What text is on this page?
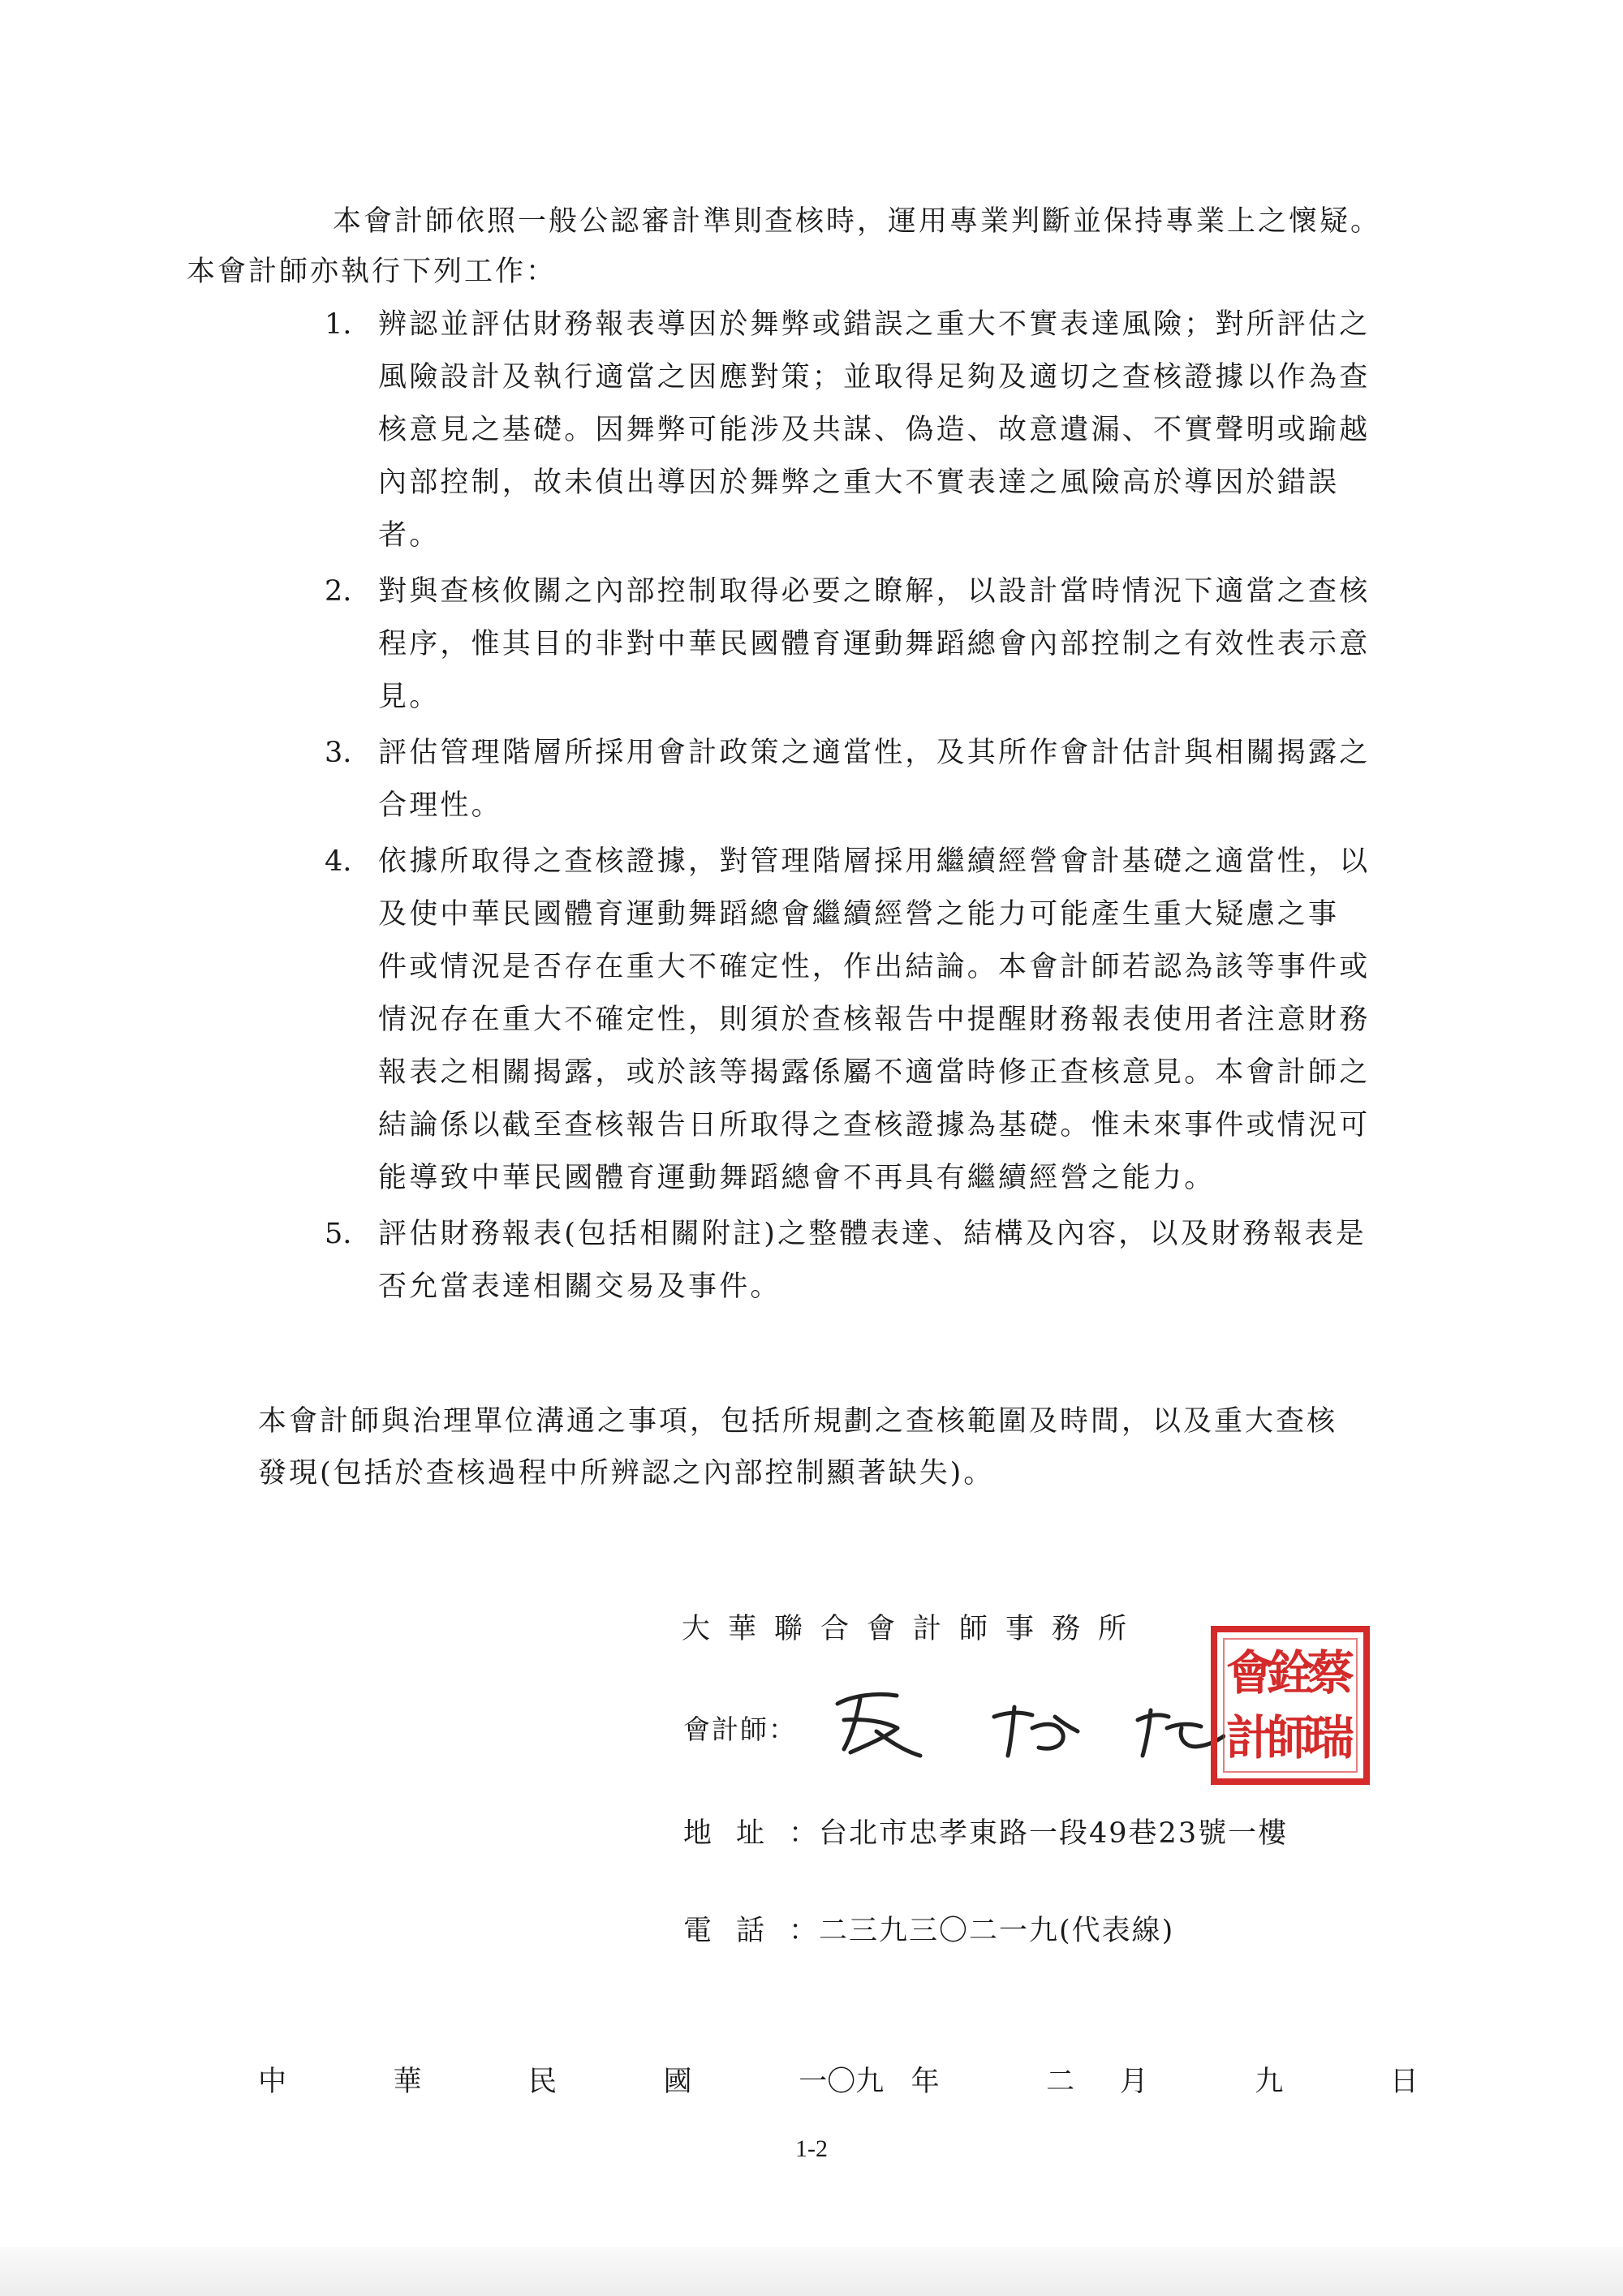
本會計師依照一般公認審計準則查核時，運用專業判斷並保持專業上之懷疑。
本會計師亦執行下列工作：
1. 辨認並評估財務報表導因於舞弊或錯誤之重大不實表達風險；對所評估之
風險設計及執行適當之因應對策；並取得足夠及適切之查核證據以作為查
核意見之基礎。因舞弊可能涉及共謀、偽造、故意遺漏、不實聲明或踰越
內部控制，故未偵出導因於舞弊之重大不實表達之風險高於導因於錯誤
者。
2. 對與查核攸關之內部控制取得必要之瞭解，以設計當時情況下適當之查核
程序，惟其目的非對中華民國體育運動舞蹈總會內部控制之有效性表示意
見。
3. 評估管理階層所採用會計政策之適當性，及其所作會計估計與相關揭露之
合理性。
4. 依據所取得之查核證據，對管理階層採用繼續經營會計基礎之適當性，以
及使中華民國體育運動舞蹈總會繼續經營之能力可能產生重大疑慮之事
件或情況是否存在重大不確定性，作出結論。本會計師若認為該等事件或
情況存在重大不確定性，則須於查核報告中提醒財務報表使用者注意財務
報表之相關揭露，或於該等揭露係屬不適當時修正查核意見。本會計師之
結論係以截至查核報告日所取得之查核證據為基礎。惟未來事件或情況可
能導致中華民國體育運動舞蹈總會不再具有繼續經營之能力。
5. 評估財務報表(包括相關附註)之整體表達、結構及內容，以及財務報表是
否允當表達相關交易及事件。
本會計師與治理單位溝通之事項，包括所規劃之查核範圍及時間，以及重大查核
發現(包括於查核過程中所辨認之內部控制顯著缺失)。
大華聯合會計師事務所
會計師：
蔡
瑞
銓
會
計
師
地址：台北市忠孝東路一段49巷23號一樓
電話：二三九三〇二一九(代表線)
中	華	民	國	一〇九 年	二 月	九	日
1-2
